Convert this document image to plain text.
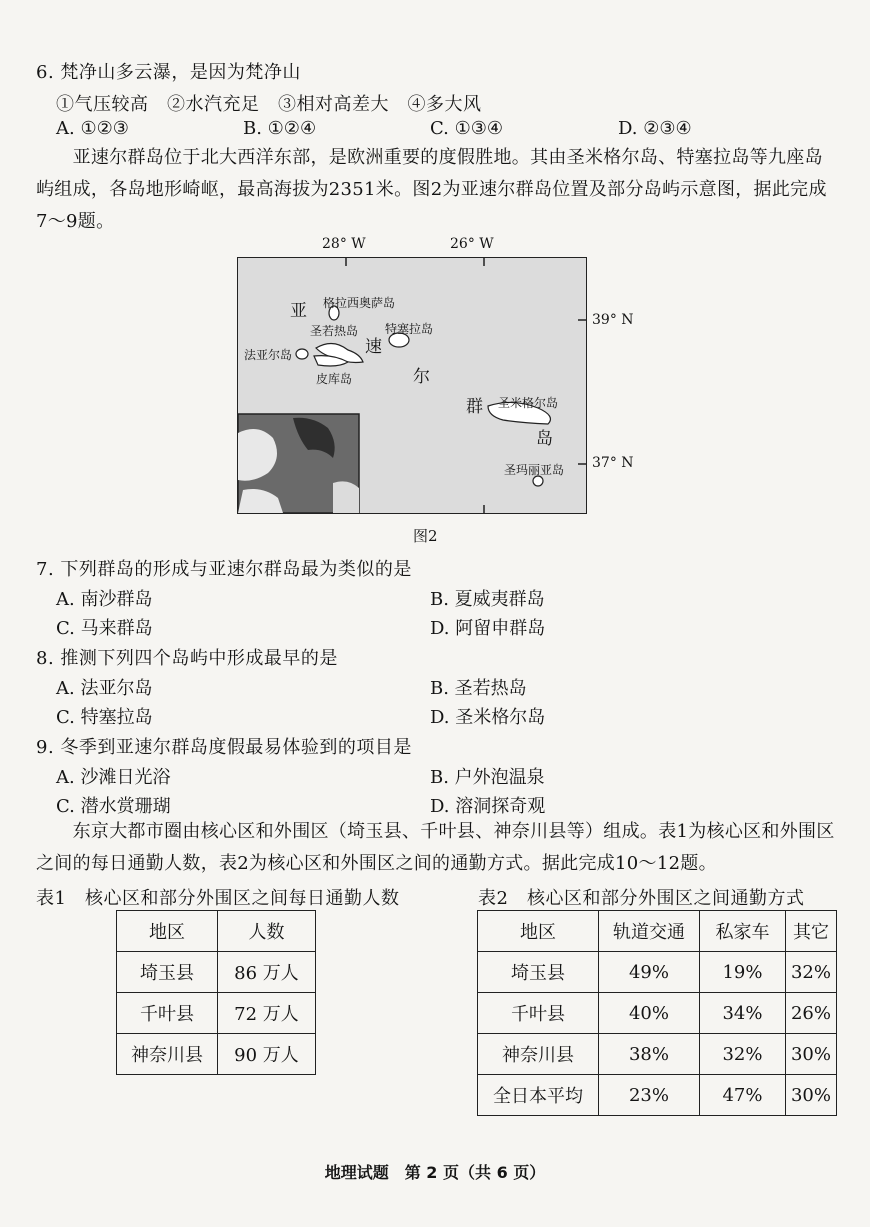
6. 梵净山多云瀑，是因为梵净山
①气压较高　②水汽充足　③相对高差大　④多大风
A. ①②③	B. ①②④	C. ①③④	D. ②③④
　　亚速尔群岛位于北大西洋东部，是欧洲重要的度假胜地。其由圣米格尔岛、特塞拉岛等九座岛屿组成，各岛地形崎岖，最高海拔为2351米。图2为亚速尔群岛位置及部分岛屿示意图，据此完成7～9题。
28° W	26° W
39° N
37° N
格拉西奥萨岛
圣若热岛 特塞拉岛
法亚尔岛
皮库岛
圣米格尔岛
圣玛丽亚岛
亚
速
尔
群
岛
图2
7. 下列群岛的形成与亚速尔群岛最为类似的是
A. 南沙群岛	B. 夏威夷群岛
C. 马来群岛	D. 阿留申群岛
8. 推测下列四个岛屿中形成最早的是
A. 法亚尔岛	B. 圣若热岛
C. 特塞拉岛	D. 圣米格尔岛
9. 冬季到亚速尔群岛度假最易体验到的项目是
A. 沙滩日光浴	B. 户外泡温泉
C. 潜水赏珊瑚	D. 溶洞探奇观
　　东京大都市圈由核心区和外围区（埼玉县、千叶县、神奈川县等）组成。表1为核心区和外围区之间的每日通勤人数，表2为核心区和外围区之间的通勤方式。据此完成10～12题。
表1　核心区和部分外围区之间每日通勤人数	表2　核心区和部分外围区之间通勤方式
地区	人数
埼玉县	86 万人
千叶县	72 万人
神奈川县	90 万人
地区	轨道交通	私家车	其它
埼玉县	49%	19%	32%
千叶县	40%	34%	26%
神奈川县	38%	32%	30%
全日本平均	23%	47%	30%
地理试题　第 2 页（共 6 页）
